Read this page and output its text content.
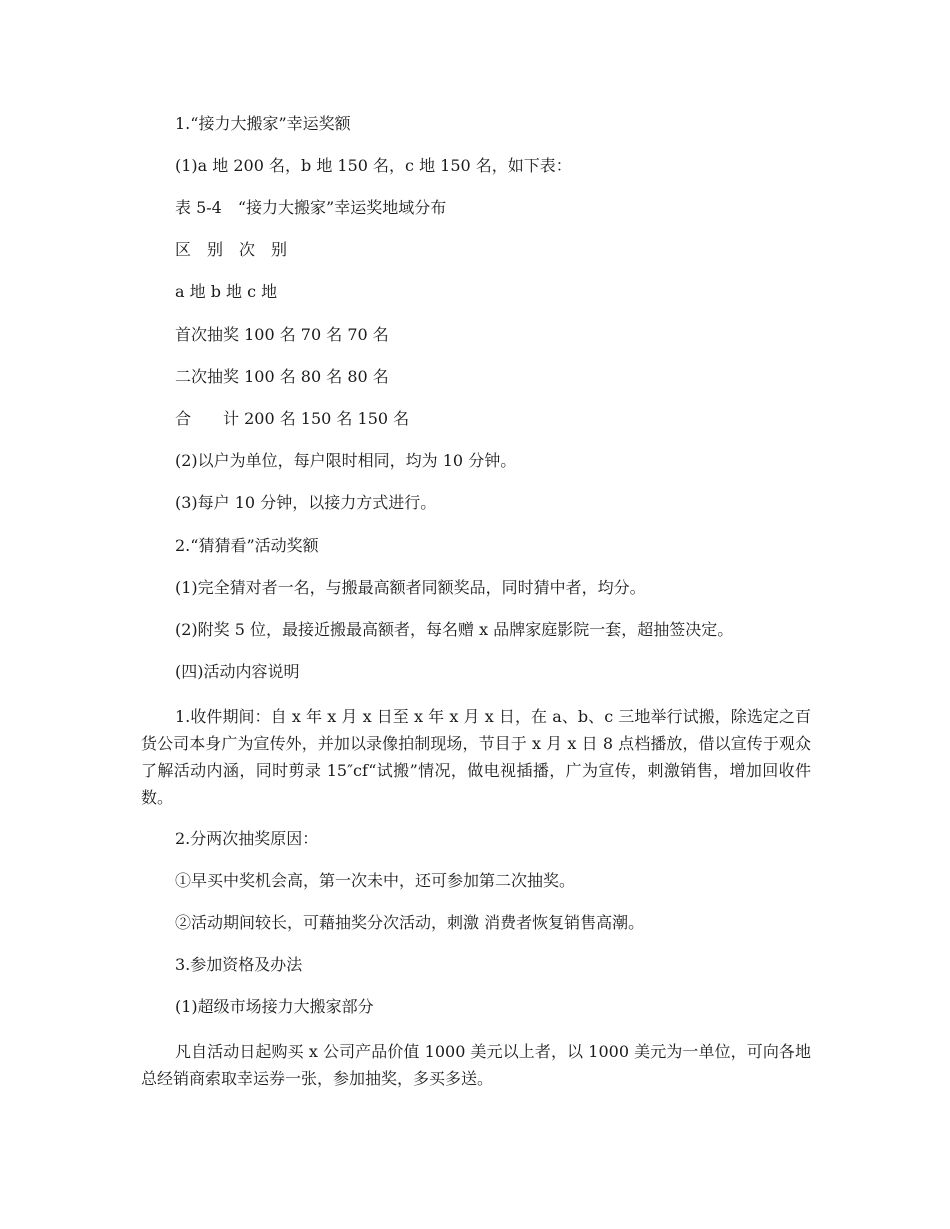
1.“接力大搬家”幸运奖额
(1)a 地 200 名，b 地 150 名，c 地 150 名，如下表：
表 5-4　“接力大搬家”幸运奖地域分布
区　别　次　别
a 地 b 地 c 地
首次抽奖 100 名 70 名 70 名
二次抽奖 100 名 80 名 80 名
合　　计 200 名 150 名 150 名
(2)以户为单位，每户限时相同，均为 10 分钟。
(3)每户 10 分钟，以接力方式进行。
2.“猜猜看”活动奖额
(1)完全猜对者一名，与搬最高额者同额奖品，同时猜中者，均分。
(2)附奖 5 位，最接近搬最高额者，每名赠 x 品牌家庭影院一套，超抽签决定。
(四)活动内容说明
1.收件期间：自 x 年 x 月 x 日至 x 年 x 月 x 日，在 a、b、c 三地举行试搬，除选定之百货公司本身广为宣传外，并加以录像拍制现场，节目于 x 月 x 日 8 点档播放，借以宣传于观众了解活动内涵，同时剪录 15″cf“试搬”情况，做电视插播，广为宣传，刺激销售，增加回收件数。
2.分两次抽奖原因：
①早买中奖机会高，第一次未中，还可参加第二次抽奖。
②活动期间较长，可藉抽奖分次活动，刺激 消费者恢复销售高潮。
3.参加资格及办法
(1)超级市场接力大搬家部分
凡自活动日起购买 x 公司产品价值 1000 美元以上者，以 1000 美元为一单位，可向各地总经销商索取幸运券一张，参加抽奖，多买多送。
